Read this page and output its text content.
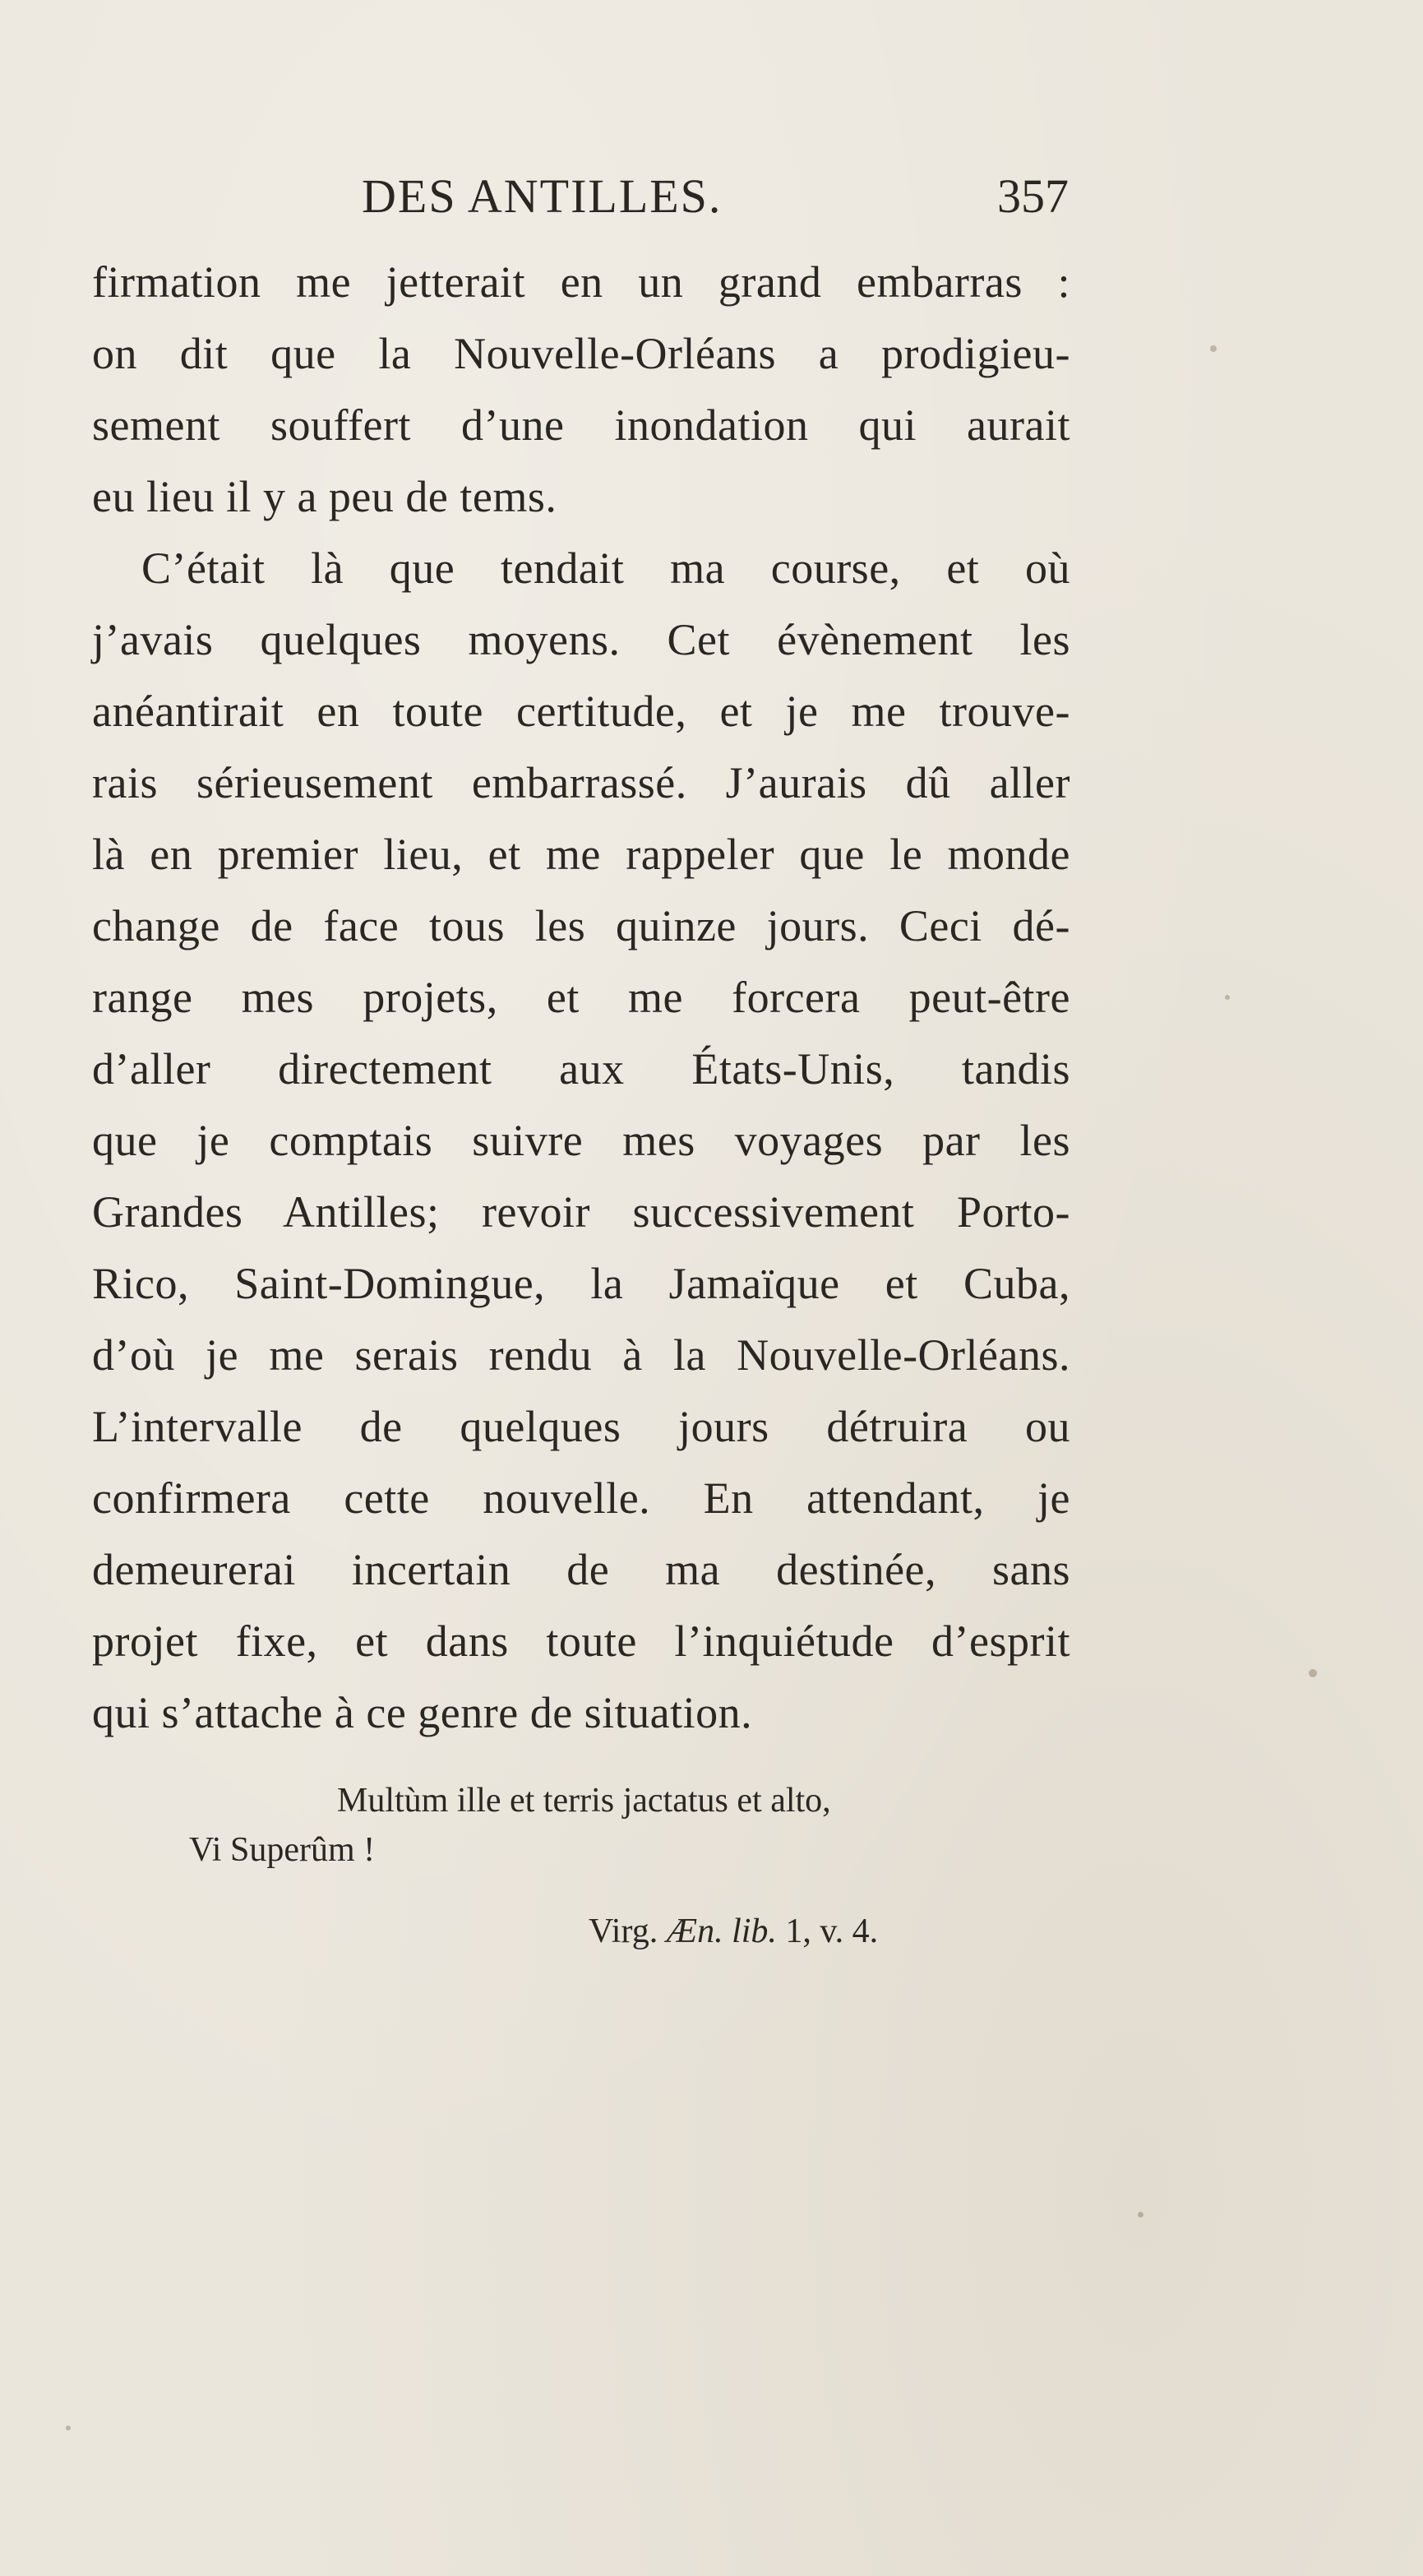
DES ANTILLES.	357
firmation me jetterait en un grand embarras :
on dit que la Nouvelle-Orléans a prodigieu-
sement souffert d’une inondation qui aurait
eu lieu il y a peu de tems.
C’était là que tendait ma course, et où
j’avais quelques moyens. Cet évènement les
anéantirait en toute certitude, et je me trouve-
rais sérieusement embarrassé. J’aurais dû aller
là en premier lieu, et me rappeler que le monde
change de face tous les quinze jours. Ceci dé-
range mes projets, et me forcera peut-être
d’aller directement aux États-Unis, tandis
que je comptais suivre mes voyages par les
Grandes Antilles; revoir successivement Porto-
Rico, Saint-Domingue, la Jamaïque et Cuba,
d’où je me serais rendu à la Nouvelle-Orléans.
L’intervalle de quelques jours détruira ou
confirmera cette nouvelle. En attendant, je
demeurerai incertain de ma destinée, sans
projet fixe, et dans toute l’inquiétude d’esprit
qui s’attache à ce genre de situation.
Multùm ille et terris jactatus et alto,
Vi Superûm !
Virg. Æn. lib. 1, v. 4.
